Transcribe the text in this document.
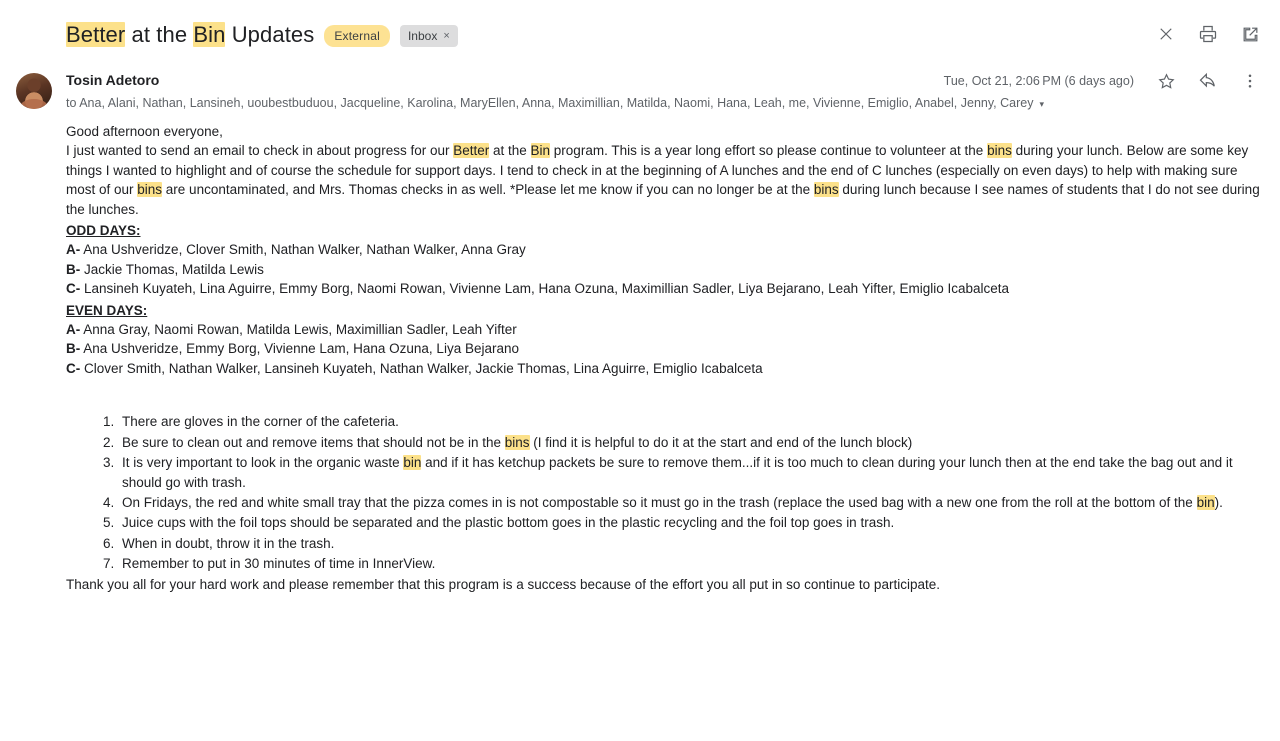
Better at the Bin Updates	External	Inbox ×
Tosin Adetoro	Tue, Oct 21, 2:06 PM (6 days ago)
to Ana, Alani, Nathan, Lansineh, uoubestbuduou, Jacqueline, Karolina, MaryEllen, Anna, Maximillian, Matilda, Naomi, Hana, Leah, me, Vivienne, Emiglio, Anabel, Jenny, Carey ▾

Good afternoon everyone,

I just wanted to send an email to check in about progress for our Better at the Bin program. This is a year long effort so please continue to volunteer at the bins during your lunch. Below are some key things I wanted to highlight and of course the schedule for support days. I tend to check in at the beginning of A lunches and the end of C lunches (especially on even days) to help with making sure most of our bins are uncontaminated, and Mrs. Thomas checks in as well. *Please let me know if you can no longer be at the bins during lunch because I see names of students that I do not see during the lunches.

ODD DAYS:
A- Ana Ushveridze, Clover Smith, Nathan Walker, Nathan Walker, Anna Gray
B- Jackie Thomas, Matilda Lewis
C- Lansineh Kuyateh, Lina Aguirre, Emmy Borg, Naomi Rowan, Vivienne Lam, Hana Ozuna, Maximillian Sadler, Liya Bejarano, Leah Yifter, Emiglio Icabalceta
EVEN DAYS:
A- Anna Gray, Naomi Rowan, Matilda Lewis, Maximillian Sadler, Leah Yifter
B- Ana Ushveridze, Emmy Borg, Vivienne Lam, Hana Ozuna, Liya Bejarano
C- Clover Smith, Nathan Walker, Lansineh Kuyateh, Nathan Walker, Jackie Thomas, Lina Aguirre, Emiglio Icabalceta
1. There are gloves in the corner of the cafeteria.
2. Be sure to clean out and remove items that should not be in the bins (I find it is helpful to do it at the start and end of the lunch block)
3. It is very important to look in the organic waste bin and if it has ketchup packets be sure to remove them...if it is too much to clean during your lunch then at the end take the bag out and it should go with trash.
4. On Fridays, the red and white small tray that the pizza comes in is not compostable so it must go in the trash (replace the used bag with a new one from the roll at the bottom of the bin).
5. Juice cups with the foil tops should be separated and the plastic bottom goes in the plastic recycling and the foil top goes in trash.
6. When in doubt, throw it in the trash.
7. Remember to put in 30 minutes of time in InnerView.

Thank you all for your hard work and please remember that this program is a success because of the effort you all put in so continue to participate.
